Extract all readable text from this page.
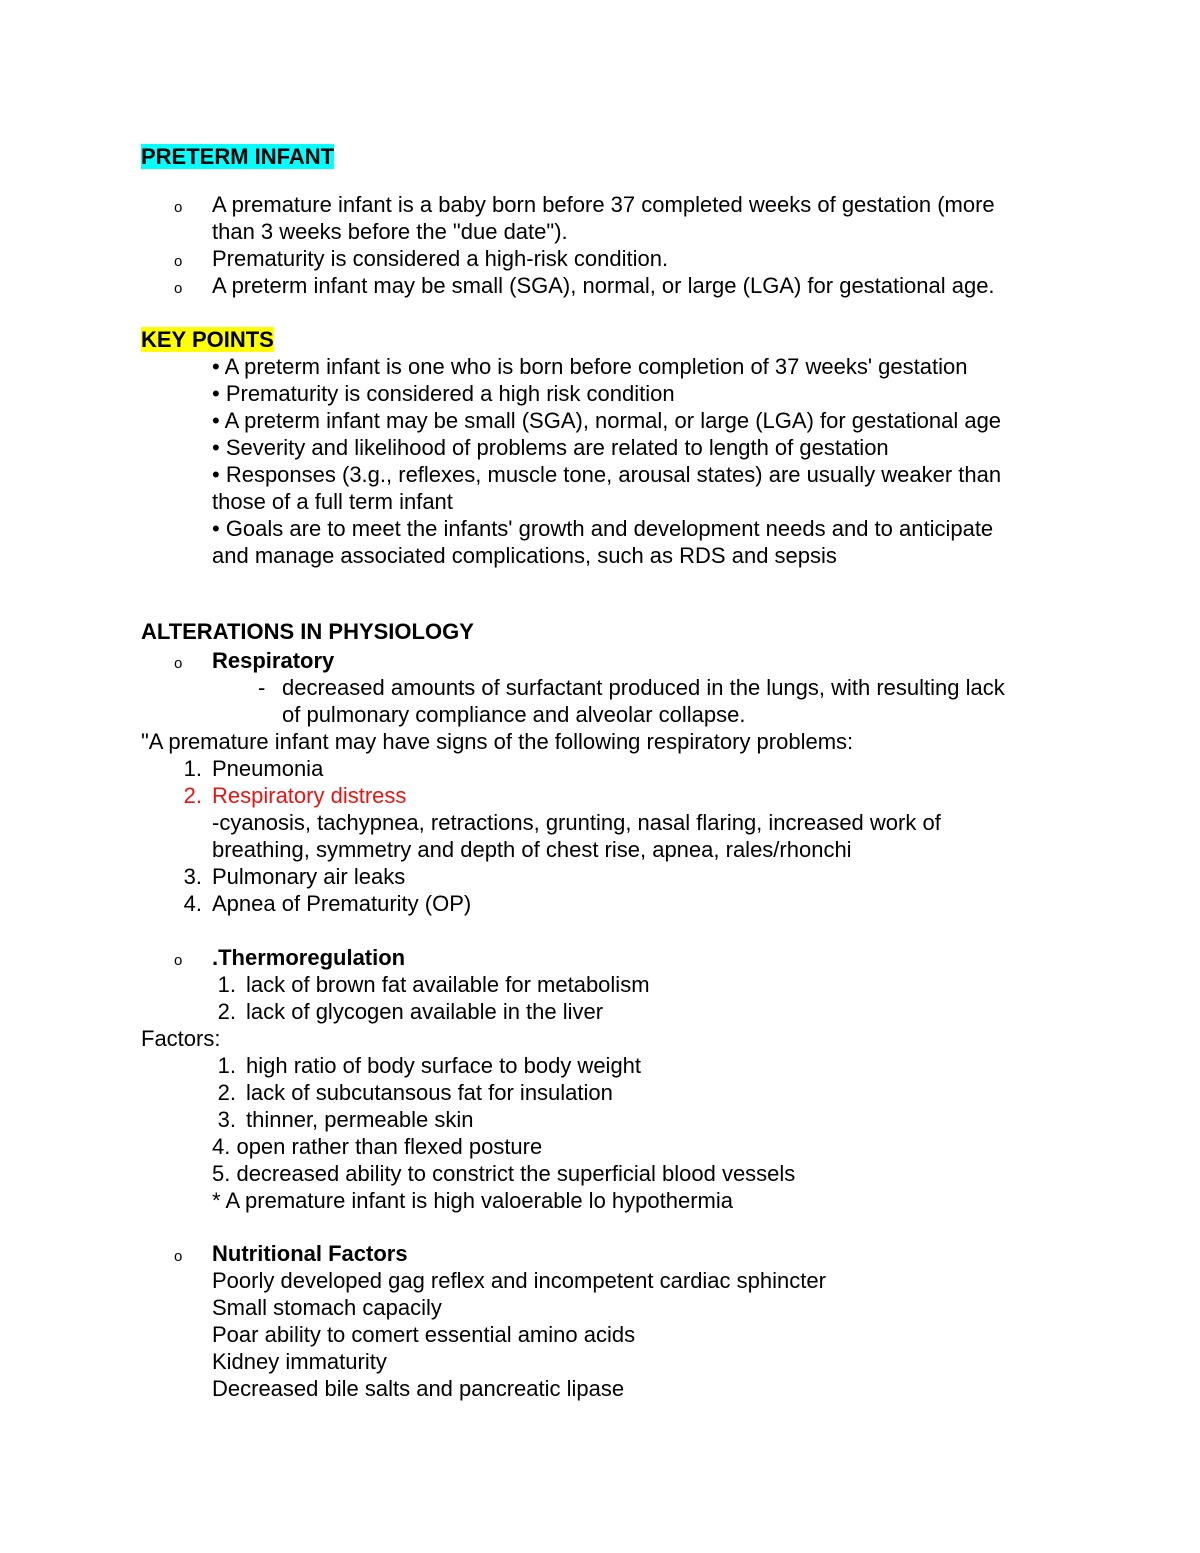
PRETERM INFANT
o A premature infant is a baby born before 37 completed weeks of gestation (more
than 3 weeks before the "due date").
o Prematurity is considered a high-risk condition.
o A preterm infant may be small (SGA), normal, or large (LGA) for gestational age.
KEY POINTS
• A preterm infant is one who is born before completion of 37 weeks' gestation
• Prematurity is considered a high risk condition
• A preterm infant may be small (SGA), normal, or large (LGA) for gestational age
• Severity and likelihood of problems are related to length of gestation
• Responses (3.g., reflexes, muscle tone, arousal states) are usually weaker than
those of a full term infant
• Goals are to meet the infants' growth and development needs and to anticipate
and manage associated complications, such as RDS and sepsis
ALTERATIONS IN PHYSIOLOGY
o Respiratory
- decreased amounts of surfactant produced in the lungs, with resulting lack
of pulmonary compliance and alveolar collapse.
"A premature infant may have signs of the following respiratory problems:
1. Pneumonia
2. Respiratory distress
-cyanosis, tachypnea, retractions, grunting, nasal flaring, increased work of
breathing, symmetry and depth of chest rise, apnea, rales/rhonchi
3. Pulmonary air leaks
4. Apnea of Prematurity (OP)
o .Thermoregulation
1. lack of brown fat available for metabolism
2. lack of glycogen available in the liver
Factors:
1. high ratio of body surface to body weight
2. lack of subcutansous fat for insulation
3. thinner, permeable skin
4. open rather than flexed posture
5. decreased ability to constrict the superficial blood vessels
* A premature infant is high valoerable lo hypothermia
o Nutritional Factors
Poorly developed gag reflex and incompetent cardiac sphincter
Small stomach capacily
Poar ability to comert essential amino acids
Kidney immaturity
Decreased bile salts and pancreatic lipase
